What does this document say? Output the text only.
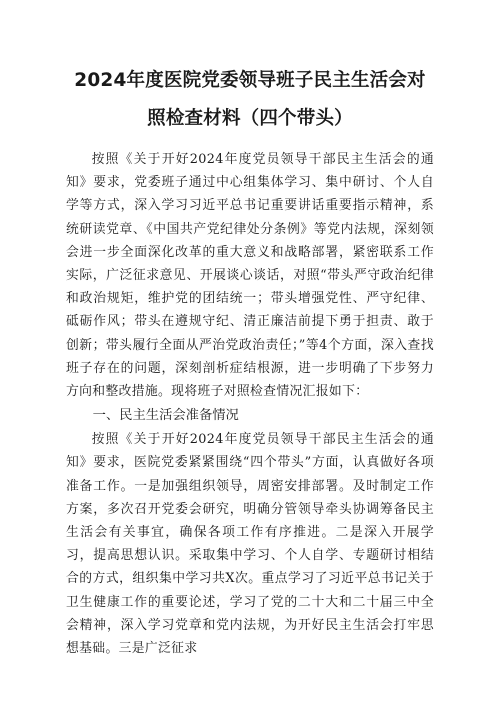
2024年度医院党委领导班子民主生活会对
照检查材料（四个带头）

按照《关于开好2024年度党员领导干部民主生活会的通知》要求，党委班子通过中心组集体学习、集中研讨、个人自学等方式，深入学习习近平总书记重要讲话重要指示精神，系统研读党章、《中国共产党纪律处分条例》等党内法规，深刻领会进一步全面深化改革的重大意义和战略部署，紧密联系工作实际，广泛征求意见、开展谈心谈话，对照“带头严守政治纪律和政治规矩，维护党的团结统一；带头增强党性、严守纪律、砥砺作风；带头在遵规守纪、清正廉洁前提下勇于担责、敢于创新；带头履行全面从严治党政治责任；”等4个方面，深入查找班子存在的问题，深刻剖析症结根源，进一步明确了下步努力方向和整改措施。现将班子对照检查情况汇报如下：

一、民主生活会准备情况

按照《关于开好2024年度党员领导干部民主生活会的通知》要求，医院党委紧紧围绕“四个带头”方面，认真做好各项准备工作。一是加强组织领导，周密安排部署。及时制定工作方案，多次召开党委会研究，明确分管领导牵头协调筹备民主生活会有关事宜，确保各项工作有序推进。二是深入开展学习，提高思想认识。采取集中学习、个人自学、专题研讨相结合的方式，组织集中学习共X次。重点学习了习近平总书记关于卫生健康工作的重要论述，学习了党的二十大和二十届三中全会精神，深入学习党章和党内法规，为开好民主生活会打牢思想基础。三是广泛征求
